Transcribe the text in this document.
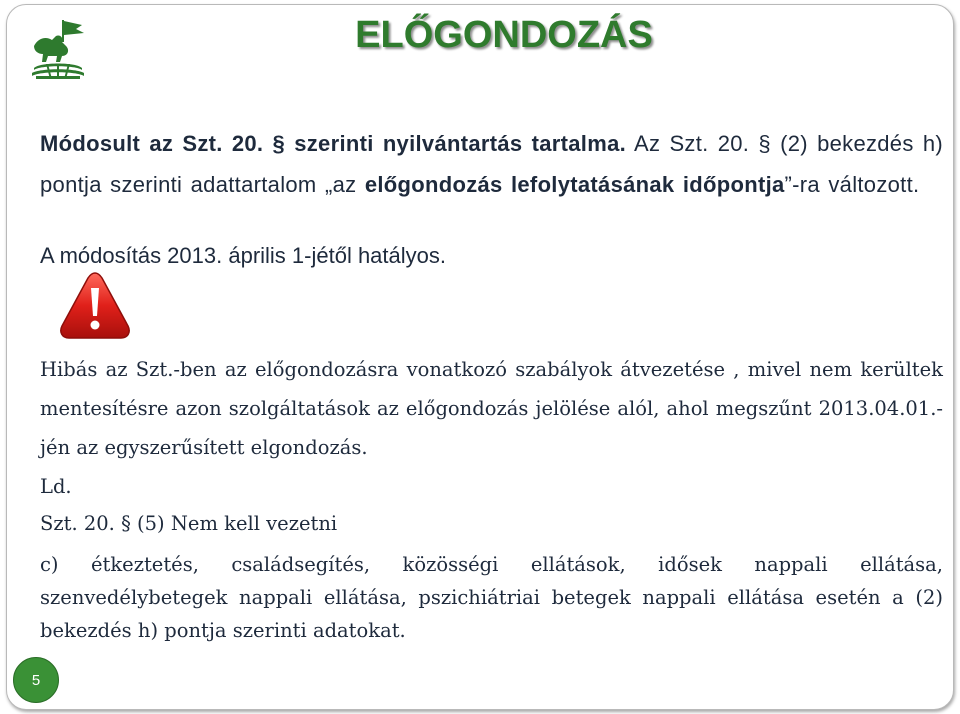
ELŐGONDOZÁS

Módosult az Szt. 20. § szerinti nyilvántartás tartalma. Az Szt. 20. § (2) bekezdés h) pontja szerinti adattartalom „az előgondozás lefolytatásának időpontja”-ra változott.

A módosítás 2013. április 1-jétől hatályos.

Hibás az Szt.-ben az előgondozásra vonatkozó szabályok átvezetése , mivel nem kerültek mentesítésre azon szolgáltatások az előgondozás jelölése alól, ahol megszűnt 2013.04.01.-jén az egyszerűsített elgondozás.
Ld.

Szt. 20. § (5) Nem kell vezetni

c) étkeztetés, családsegítés, közösségi ellátások, idősek nappali ellátása, szenvedélybetegek nappali ellátása, pszichiátriai betegek nappali ellátása esetén a (2) bekezdés h) pontja szerinti adatokat.

5
